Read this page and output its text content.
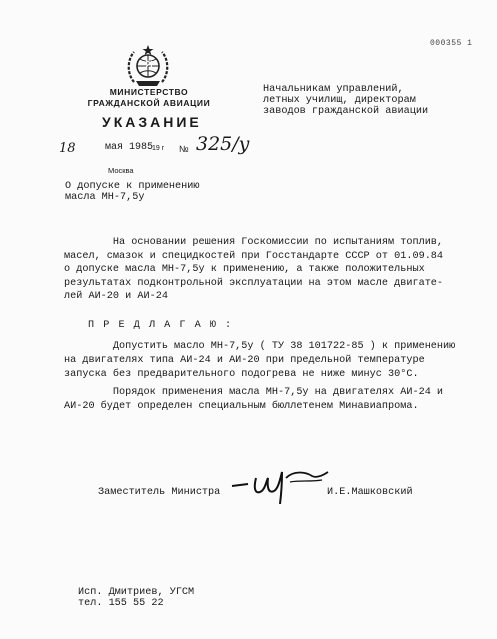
000355 1
МИНИСТЕРСТВО
ГРАЖДАНСКОЙ АВИАЦИИ
УКАЗАНИЕ
Начальникам управлений,
летных училищ, директорам
заводов гражданской авиации
18	мая 1985
19 г № 325/у
Москва
О допуске к применению
масла МН-7,5у
На основании решения Госкомиссии по испытаниям топлив,
масел, смазок и специдкостей при Госстандарте СССР от 01.09.84
о допуске масла МН-7,5у к применению, а также положительных
результатах подконтрольной эксплуатации на этом масле двигате-
лей АИ-20 и АИ-24
П Р Е Д Л А Г А Ю :
Допустить масло МН-7,5у ( ТУ 38 101722-85 ) к применению
на двигателях типа АИ-24 и АИ-20 при предельной температуре
запуска без предварительного подогрева не ниже минус 30°С.
Порядок применения масла МН-7,5у на двигателях АИ-24 и
АИ-20 будет определен специальным бюллетенем Минавиапрома.
Заместитель Министра	И.Е.Машковский
Исп. Дмитриев, УГСМ
тел. 155 55 22
